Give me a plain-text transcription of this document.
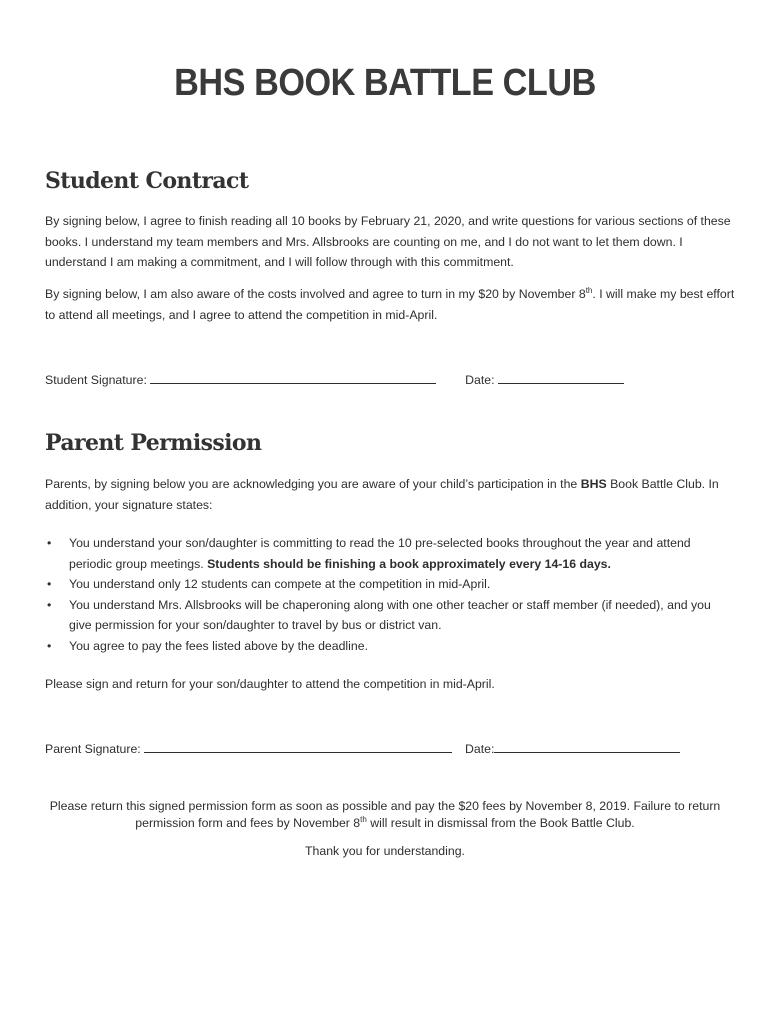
BHS BOOK BATTLE CLUB
Student Contract
By signing below, I agree to finish reading all 10 books by February 21, 2020, and write questions for various sections of these books. I understand my team members and Mrs. Allsbrooks are counting on me, and I do not want to let them down. I understand I am making a commitment, and I will follow through with this commitment.
By signing below, I am also aware of the costs involved and agree to turn in my $20 by November 8th. I will make my best effort to attend all meetings, and I agree to attend the competition in mid-April.
Student Signature:	Date:
Parent Permission
Parents, by signing below you are acknowledging you are aware of your child’s participation in the BHS Book Battle Club. In addition, your signature states:
• You understand your son/daughter is committing to read the 10 pre-selected books throughout the year and attend periodic group meetings. Students should be finishing a book approximately every 14-16 days.
• You understand only 12 students can compete at the competition in mid-April.
• You understand Mrs. Allsbrooks will be chaperoning along with one other teacher or staff member (if needed), and you give permission for your son/daughter to travel by bus or district van.
• You agree to pay the fees listed above by the deadline.
Please sign and return for your son/daughter to attend the competition in mid-April.
Parent Signature:	Date:
Please return this signed permission form as soon as possible and pay the $20 fees by November 8, 2019. Failure to return permission form and fees by November 8th will result in dismissal from the Book Battle Club.
Thank you for understanding.
